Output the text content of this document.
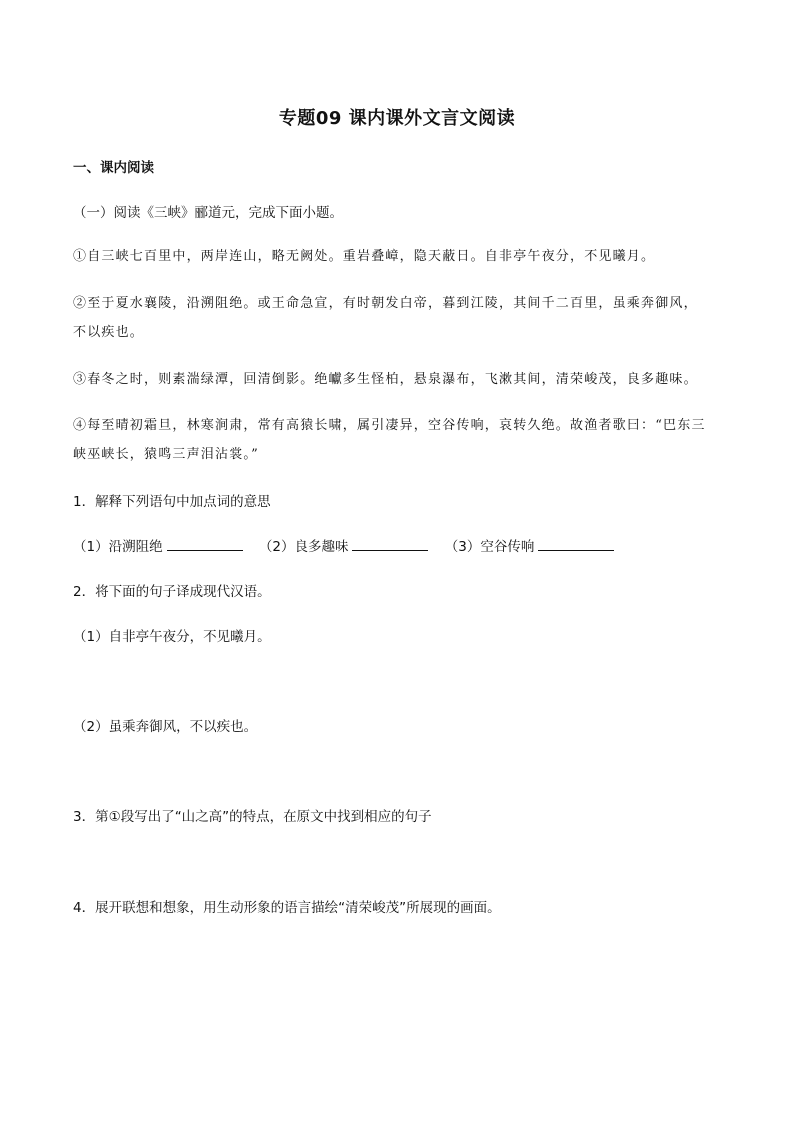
专题09 课内课外文言文阅读
一、课内阅读
（一）阅读《三峡》郦道元，完成下面小题。
①自三峡七百里中，两岸连山，略无阙处。重岩叠嶂，隐天蔽日。自非亭午夜分，不见曦月。
②至于夏水襄陵，沿溯阻绝。或王命急宣，有时朝发白帝，暮到江陵，其间千二百里，虽乘奔御风，
不以疾也。
③春冬之时，则素湍绿潭，回清倒影。绝巘多生怪柏，悬泉瀑布，飞漱其间，清荣峻茂，良多趣味。
④每至晴初霜旦，林寒涧肃，常有高猿长啸，属引凄异，空谷传响，哀转久绝。故渔者歌曰：“巴东三
峡巫峡长，猿鸣三声泪沾裳。”
1．解释下列语句中加点词的意思
（1）沿溯阻绝	（2）良多趣味	（3）空谷传响
2．将下面的句子译成现代汉语。
（1）自非亭午夜分，不见曦月。
（2）虽乘奔御风，不以疾也。
3．第①段写出了“山之高”的特点，在原文中找到相应的句子
4．展开联想和想象，用生动形象的语言描绘“清荣峻茂”所展现的画面。
